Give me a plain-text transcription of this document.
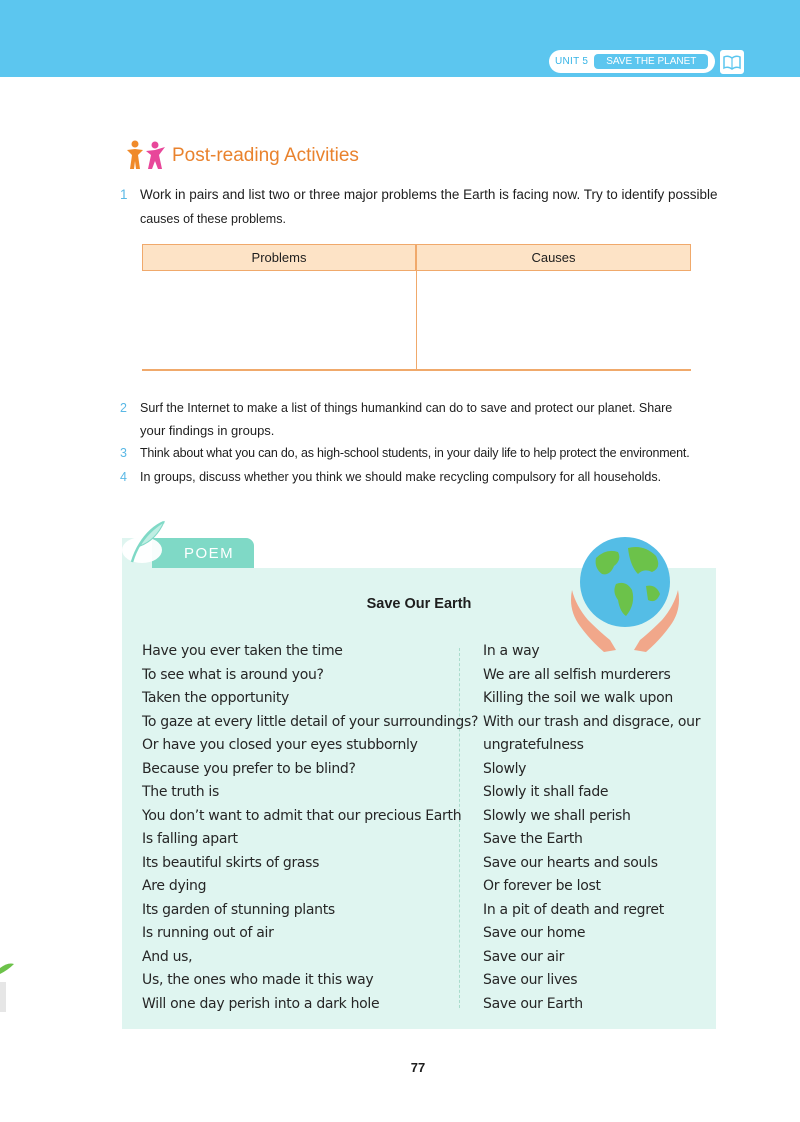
UNIT 5	SAVE THE PLANET
Post-reading Activities
1 Work in pairs and list two or three major problems the Earth is facing now. Try to identify possible
causes of these problems.
Problems	Causes
2 Surf the Internet to make a list of things humankind can do to save and protect our planet. Share
your findings in groups.
3 Think about what you can do, as high-school students, in your daily life to help protect the environment.
4 In groups, discuss whether you think we should make recycling compulsory for all households.
POEM
Save Our Earth
Have you ever taken the time
To see what is around you?
Taken the opportunity
To gaze at every little detail of your surroundings?
Or have you closed your eyes stubbornly
Because you prefer to be blind?
The truth is
You don’t want to admit that our precious Earth
Is falling apart
Its beautiful skirts of grass
Are dying
Its garden of stunning plants
Is running out of air
And us,
Us, the ones who made it this way
Will one day perish into a dark hole
In a way
We are all selfish murderers
Killing the soil we walk upon
With our trash and disgrace, our
ungratefulness
Slowly
Slowly it shall fade
Slowly we shall perish
Save the Earth
Save our hearts and souls
Or forever be lost
In a pit of death and regret
Save our home
Save our air
Save our lives
Save our Earth
77
